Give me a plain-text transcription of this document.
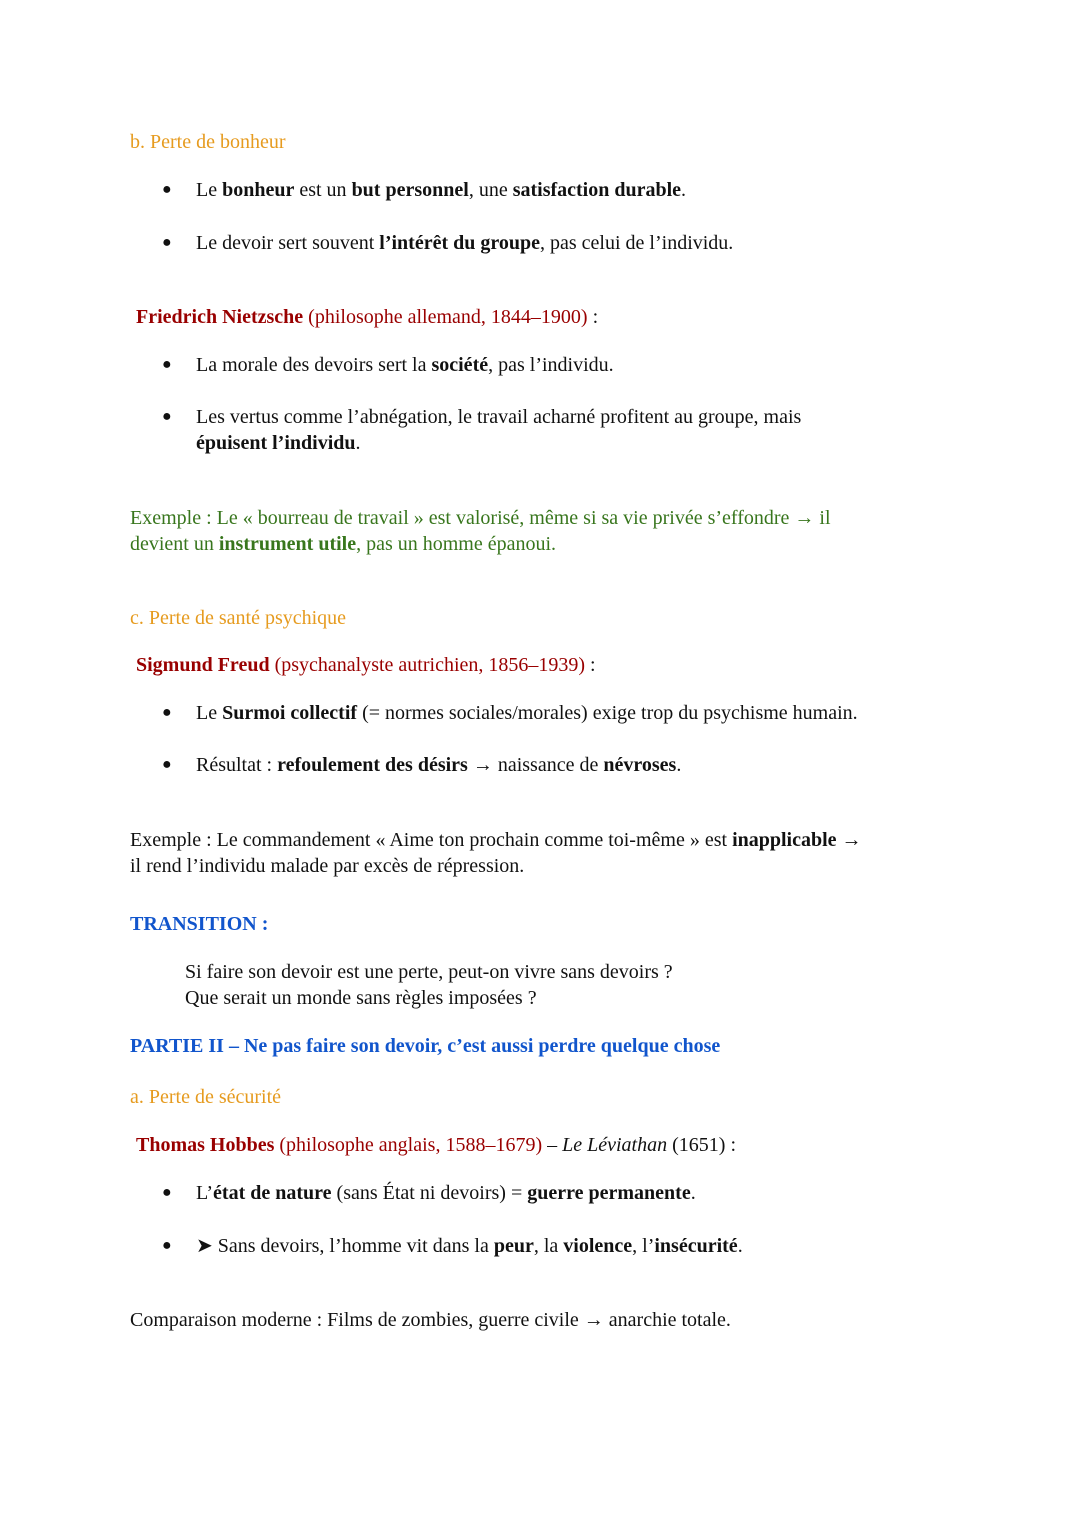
b. Perte de bonheur
Le bonheur est un but personnel, une satisfaction durable.
Le devoir sert souvent l’intérêt du groupe, pas celui de l’individu.
Friedrich Nietzsche (philosophe allemand, 1844–1900) :
La morale des devoirs sert la société, pas l’individu.
Les vertus comme l’abnégation, le travail acharné profitent au groupe, mais
épuisent l’individu.
Exemple : Le « bourreau de travail » est valorisé, même si sa vie privée s’effondre → il
devient un instrument utile, pas un homme épanoui.
c. Perte de santé psychique
Sigmund Freud (psychanalyste autrichien, 1856–1939) :
Le Surmoi collectif (= normes sociales/morales) exige trop du psychisme humain.
Résultat : refoulement des désirs → naissance de névroses.
Exemple : Le commandement « Aime ton prochain comme toi-même » est inapplicable →
il rend l’individu malade par excès de répression.
TRANSITION :
Si faire son devoir est une perte, peut-on vivre sans devoirs ?
Que serait un monde sans règles imposées ?
PARTIE II – Ne pas faire son devoir, c’est aussi perdre quelque chose
a. Perte de sécurité
Thomas Hobbes (philosophe anglais, 1588–1679) – Le Léviathan (1651) :
L’état de nature (sans État ni devoirs) = guerre permanente.
➤ Sans devoirs, l’homme vit dans la peur, la violence, l’insécurité.
Comparaison moderne : Films de zombies, guerre civile → anarchie totale.
●
●
●
●
●
●
●
●
